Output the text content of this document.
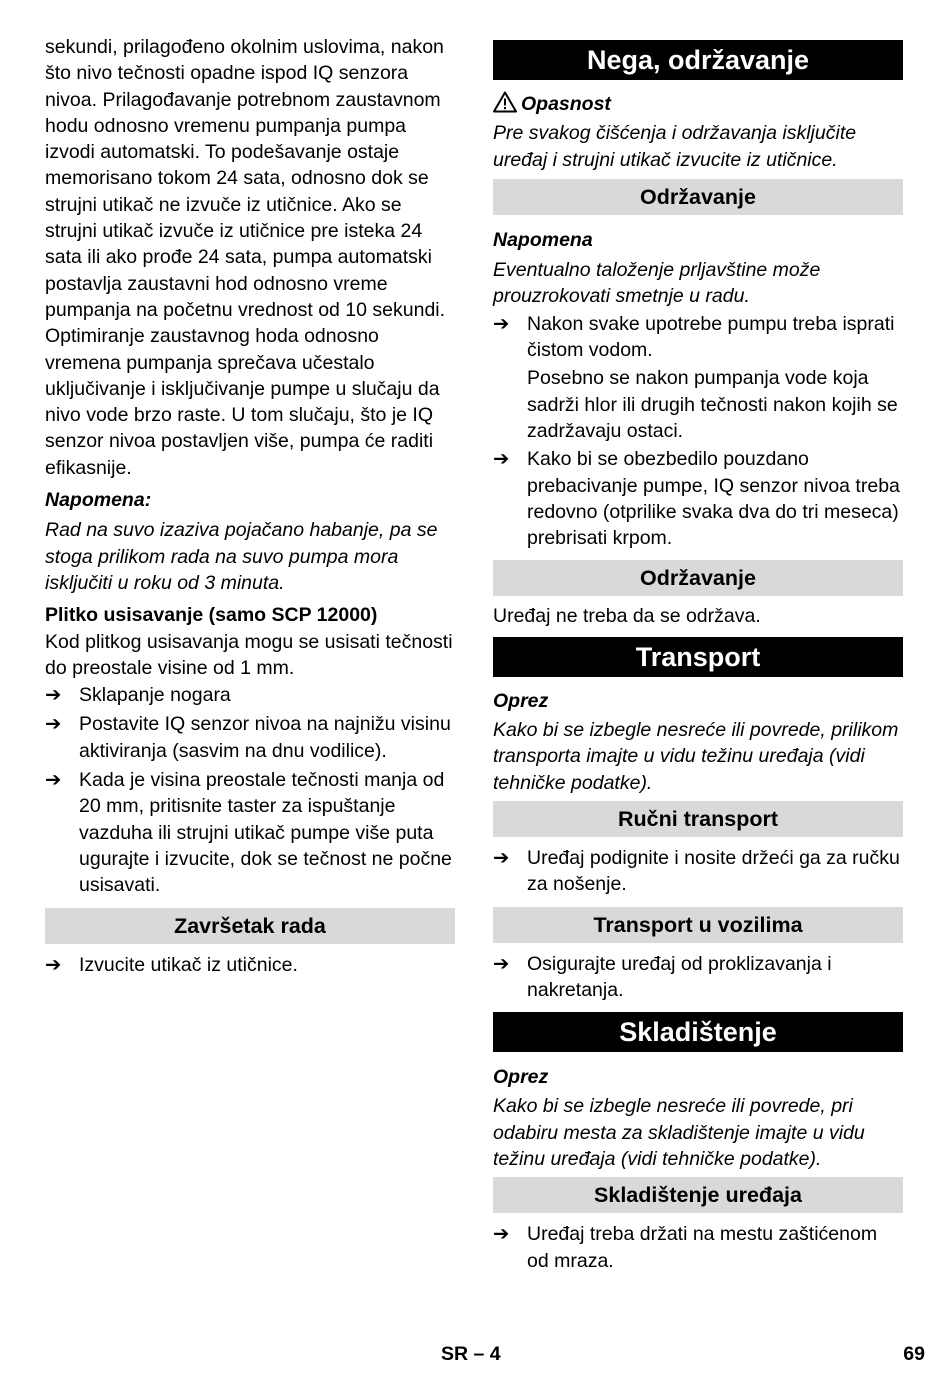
sekundi, prilagođeno okolnim uslovima, nakon što nivo tečnosti opadne ispod IQ senzora nivoa. Prilagođavanje potrebnom zaustavnom hodu odnosno vremenu pumpanja pumpa izvodi automatski. To podešavanje ostaje memorisano tokom 24 sata, odnosno dok se strujni utikač ne izvuče iz utičnice. Ako se strujni utikač izvuče iz utičnice pre isteka 24 sata ili ako prođe 24 sata, pumpa automatski postavlja zaustavni hod odnosno vreme pumpanja na početnu vrednost od 10 sekundi. Optimiranje zaustavnog hoda odnosno vremena pumpanja sprečava učestalo uključivanje i isključivanje pumpe u slučaju da nivo vode brzo raste. U tom slučaju, što je IQ senzor nivoa postavljen više, pumpa će raditi efikasnije.

Napomena:

Rad na suvo izaziva pojačano habanje, pa se stoga prilikom rada na suvo pumpa mora isključiti u roku od 3 minuta.

Plitko usisavanje (samo SCP 12000)

Kod plitkog usisavanja mogu se usisati tečnosti do preostale visine od 1 mm.

➔ Sklapanje nogara
➔ Postavite IQ senzor nivoa na najnižu visinu aktiviranja (sasvim na dnu vodilice).
➔ Kada je visina preostale tečnosti manja od 20 mm, pritisnite taster za ispuštanje vazduha ili strujni utikač pumpe više puta ugurajte i izvucite, dok se tečnost ne počne usisavati.
Završetak rada
➔ Izvucite utikač iz utičnice.
Nega, održavanje

Opasnost

Pre svakog čišćenja i održavanja isključite uređaj i strujni utikač izvucite iz utičnice.

Održavanje

Napomena

Eventualno taloženje prljavštine može prouzrokovati smetnje u radu.

➔ Nakon svake upotrebe pumpu treba isprati čistom vodom.
Posebno se nakon pumpanja vode koja sadrži hlor ili drugih tečnosti nakon kojih se zadržavaju ostaci.
➔ Kako bi se obezbedilo pouzdano prebacivanje pumpe, IQ senzor nivoa treba redovno (otprilike svaka dva do tri meseca) prebrisati krpom.
Održavanje

Uređaj ne treba da se održava.

Transport

Oprez

Kako bi se izbegle nesreće ili povrede, prilikom transporta imajte u vidu težinu uređaja (vidi tehničke podatke).

Ručni transport
➔ Uređaj podignite i nosite držeći ga za ručku za nošenje.
Transport u vozilima
➔ Osigurajte uređaj od proklizavanja i nakretanja.
Skladištenje

Oprez

Kako bi se izbegle nesreće ili povrede, pri odabiru mesta za skladištenje imajte u vidu težinu uređaja (vidi tehničke podatke).

Skladištenje uređaja
➔ Uređaj treba držati na mestu zaštićenom od mraza.
SR – 4	69
